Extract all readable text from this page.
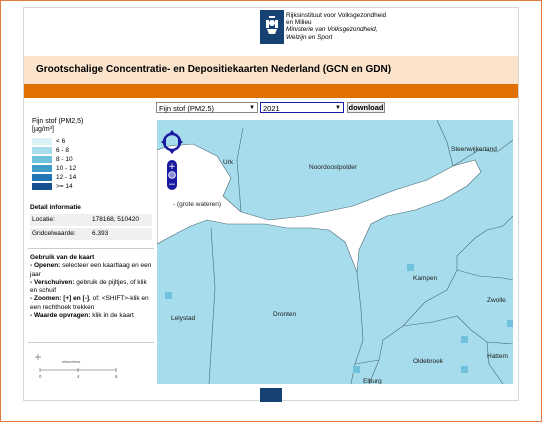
Rijksinstituut voor Volksgezondheid
en Milieu
Ministerie van Volksgezondheid,
Welzijn en Sport
Grootschalige Concentratie- en Depositiekaarten Nederland (GCN en GDN)
Fijn stof (PM2.5)	▼	2021	▼ download
Fijn stof (PM2,5)
[µg/m³]
< 6
6 - 8
8 - 10
10 - 12
12 - 14
>= 14
Detail informatie
Locatie:	178168, 510420
Gridcelwaarde:	6.393

Gebruik van de kaart

- Openen: selecteer een kaartlaag en een jaar

- Verschuiven: gebruik de pijltjes, of klik en schuif

- Zoomen: [+] en [-], of: <SHIFT>-klik en een rechthoek trekken

- Waarde opvragen: klik in de kaart

kilometers
0	4	8
Urk
Noordoostpolder
Steenwijkerland
- (grote wateren)
Lelystad
Dronten
Kampen
Zwolle
Oldebroek
Hattem
Elburg
+
−
